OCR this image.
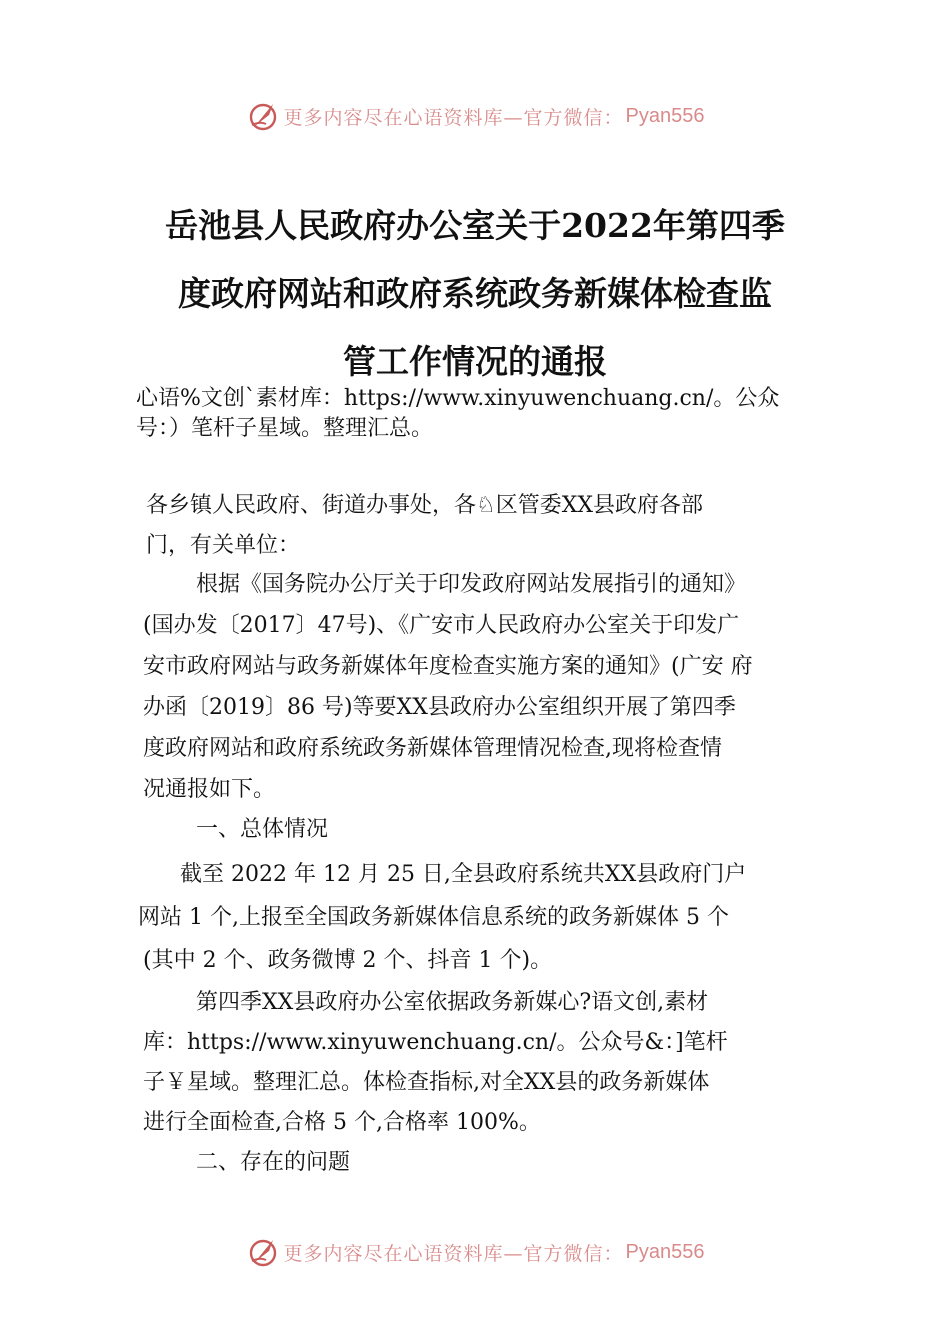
更多内容尽在心语资料库—官方微信： Pyan556
岳池县人民政府办公室关于2022年第四季
度政府网站和政府系统政务新媒体检查监
管工作情况的通报
心语%文创`素材库：https://www.xinyuwenchuang.cn/。公众
号：）笔杆子星域。整理汇总。
各乡镇人民政府、街道办事处，各♘区管委XX县政府各部
门，有关单位：
根据《国务院办公厅关于印发政府网站发展指引的通知》
(国办发〔2017〕47号)、《广安市人民政府办公室关于印发广
安市政府网站与政务新媒体年度检查实施方案的通知》(广安 府
办函〔2019〕86 号)等要XX县政府办公室组织开展了第四季
度政府网站和政府系统政务新媒体管理情况检查,现将检查情
况通报如下。
一、总体情况
截至 2022 年 12 月 25 日,全县政府系统共XX县政府门户
网站 1 个,上报至全国政务新媒体信息系统的政务新媒体 5 个
(其中 2 个、政务微博 2 个、抖音 1 个)。
第四季XX县政府办公室依据政务新媒心?语文创,素材
库：https://www.xinyuwenchuang.cn/。公众号&：]笔杆
子￥星域。整理汇总。体检查指标,对全XX县的政务新媒体
进行全面检查,合格 5 个,合格率 100%。
二、存在的问题
更多内容尽在心语资料库—官方微信： Pyan556
